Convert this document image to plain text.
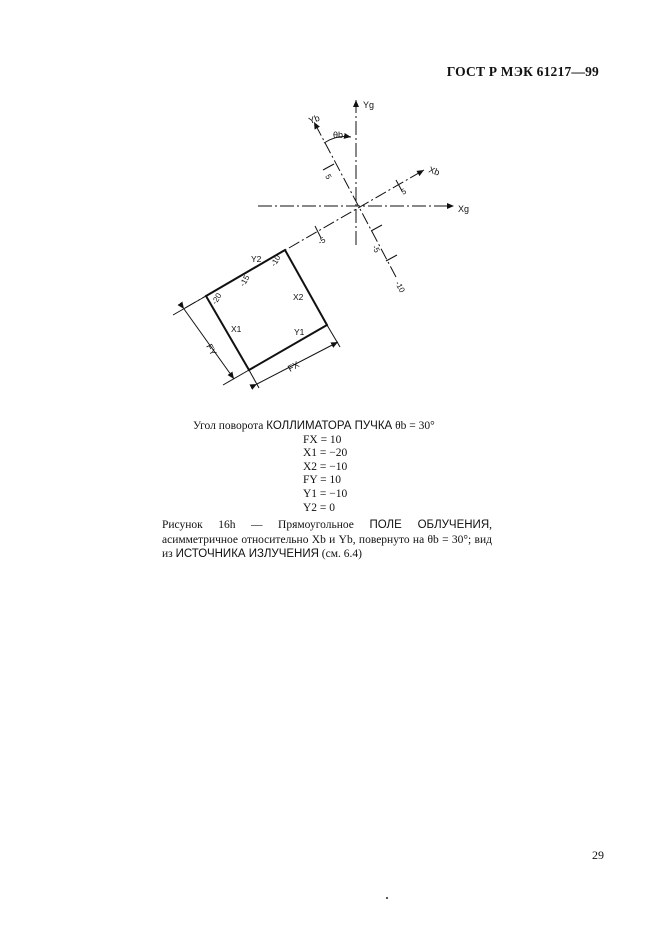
ГОСТ Р МЭК 61217—99
Yg
Xg
Yb
Xb
θb
5
-5
5
-5
-10
Y2
X2
X1	Y1
-10
-15
-20
FY
FX
Угол поворота КОЛЛИМАТОРА ПУЧКА θb = 30°
FX = 10
X1 = −20
X2 = −10
FY = 10
Y1 = −10
Y2 = 0
Рисунок 16h — Прямоугольное ПОЛЕ ОБЛУЧЕНИЯ, асимметричное относительно Xb и Yb, повернуто на θb = 30°; вид из ИСТОЧНИКА ИЗЛУЧЕНИЯ (см. 6.4)
29
